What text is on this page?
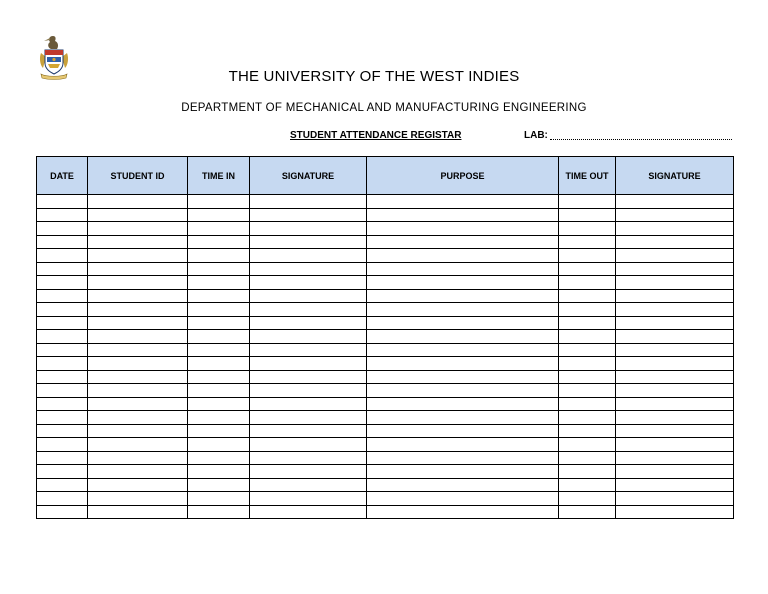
THE UNIVERSITY OF THE WEST INDIES
DEPARTMENT OF MECHANICAL AND MANUFACTURING ENGINEERING
STUDENT ATTENDANCE REGISTAR	LAB:
DATE	STUDENT ID	TIME IN	SIGNATURE	PURPOSE	TIME OUT	SIGNATURE
